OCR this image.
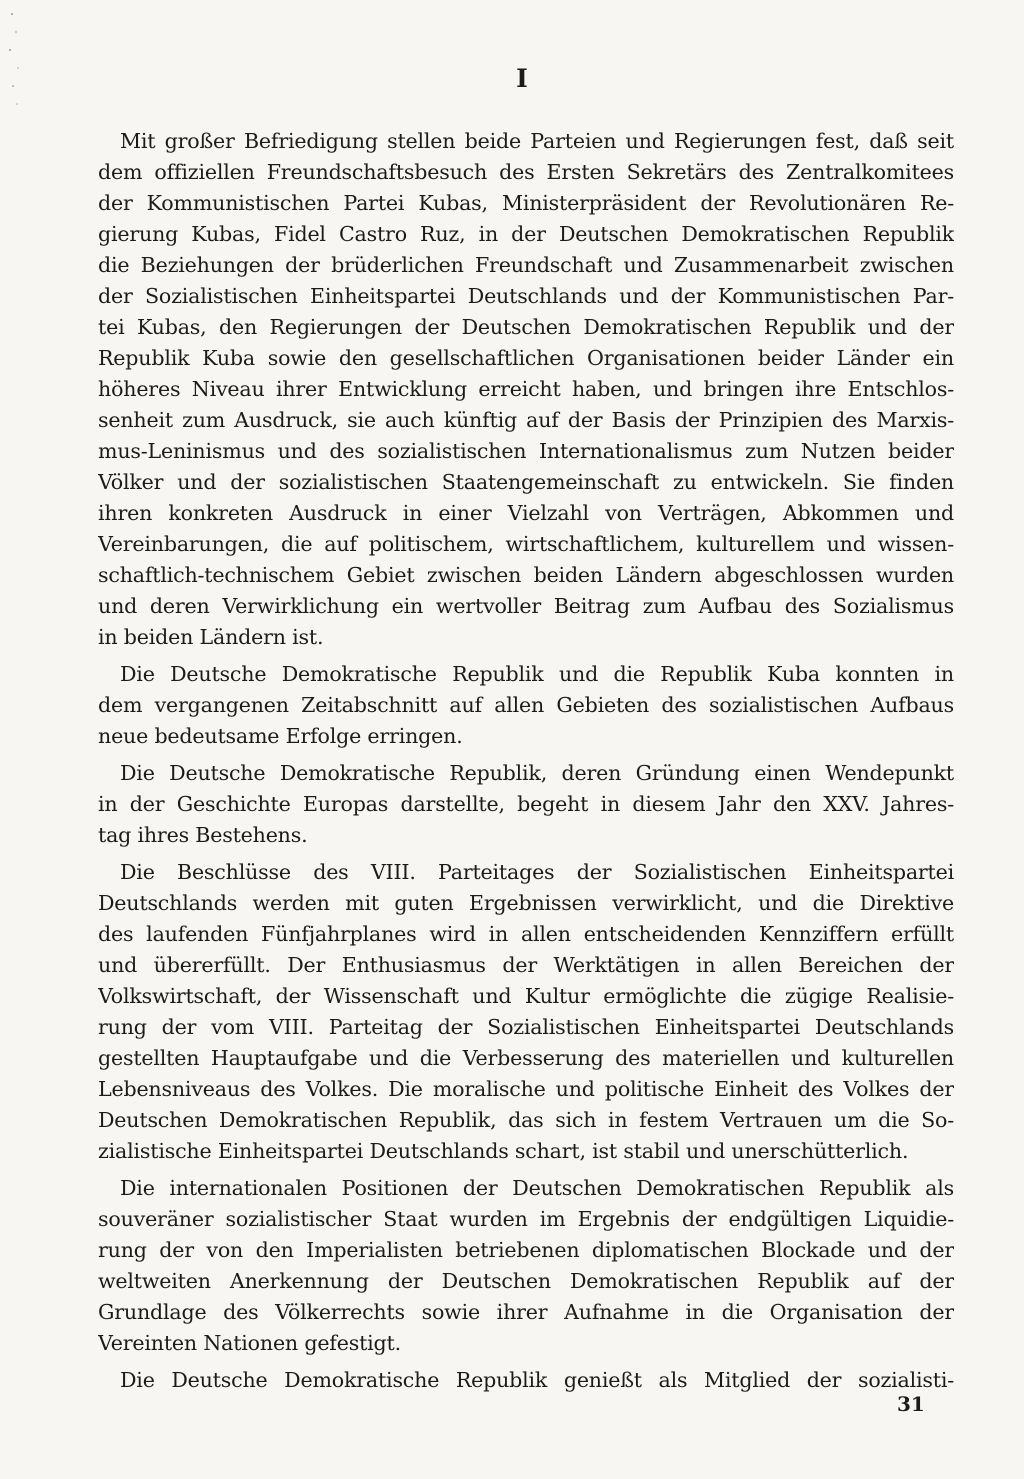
I

Mit großer Befriedigung stellen beide Parteien und Regierungen fest, daß seit
dem offiziellen Freundschaftsbesuch des Ersten Sekretärs des Zentralkomitees
der Kommunistischen Partei Kubas, Ministerpräsident der Revolutionären Re-
gierung Kubas, Fidel Castro Ruz, in der Deutschen Demokratischen Republik
die Beziehungen der brüderlichen Freundschaft und Zusammenarbeit zwischen
der Sozialistischen Einheitspartei Deutschlands und der Kommunistischen Par-
tei Kubas, den Regierungen der Deutschen Demokratischen Republik und der
Republik Kuba sowie den gesellschaftlichen Organisationen beider Länder ein
höheres Niveau ihrer Entwicklung erreicht haben, und bringen ihre Entschlos-
senheit zum Ausdruck, sie auch künftig auf der Basis der Prinzipien des Marxis-
mus-Leninismus und des sozialistischen Internationalismus zum Nutzen beider
Völker und der sozialistischen Staatengemeinschaft zu entwickeln. Sie finden
ihren konkreten Ausdruck in einer Vielzahl von Verträgen, Abkommen und
Vereinbarungen, die auf politischem, wirtschaftlichem, kulturellem und wissen-
schaftlich-technischem Gebiet zwischen beiden Ländern abgeschlossen wurden
und deren Verwirklichung ein wertvoller Beitrag zum Aufbau des Sozialismus
in beiden Ländern ist.

Die Deutsche Demokratische Republik und die Republik Kuba konnten in
dem vergangenen Zeitabschnitt auf allen Gebieten des sozialistischen Aufbaus
neue bedeutsame Erfolge erringen.

Die Deutsche Demokratische Republik, deren Gründung einen Wendepunkt
in der Geschichte Europas darstellte, begeht in diesem Jahr den XXV. Jahres-
tag ihres Bestehens.

Die Beschlüsse des VIII. Parteitages der Sozialistischen Einheitspartei
Deutschlands werden mit guten Ergebnissen verwirklicht, und die Direktive
des laufenden Fünfjahrplanes wird in allen entscheidenden Kennziffern erfüllt
und übererfüllt. Der Enthusiasmus der Werktätigen in allen Bereichen der
Volkswirtschaft, der Wissenschaft und Kultur ermöglichte die zügige Realisie-
rung der vom VIII. Parteitag der Sozialistischen Einheitspartei Deutschlands
gestellten Hauptaufgabe und die Verbesserung des materiellen und kulturellen
Lebensniveaus des Volkes. Die moralische und politische Einheit des Volkes der
Deutschen Demokratischen Republik, das sich in festem Vertrauen um die So-
zialistische Einheitspartei Deutschlands schart, ist stabil und unerschütterlich.

Die internationalen Positionen der Deutschen Demokratischen Republik als
souveräner sozialistischer Staat wurden im Ergebnis der endgültigen Liquidie-
rung der von den Imperialisten betriebenen diplomatischen Blockade und der
weltweiten Anerkennung der Deutschen Demokratischen Republik auf der
Grundlage des Völkerrechts sowie ihrer Aufnahme in die Organisation der
Vereinten Nationen gefestigt.

Die Deutsche Demokratische Republik genießt als Mitglied der sozialisti-

31
